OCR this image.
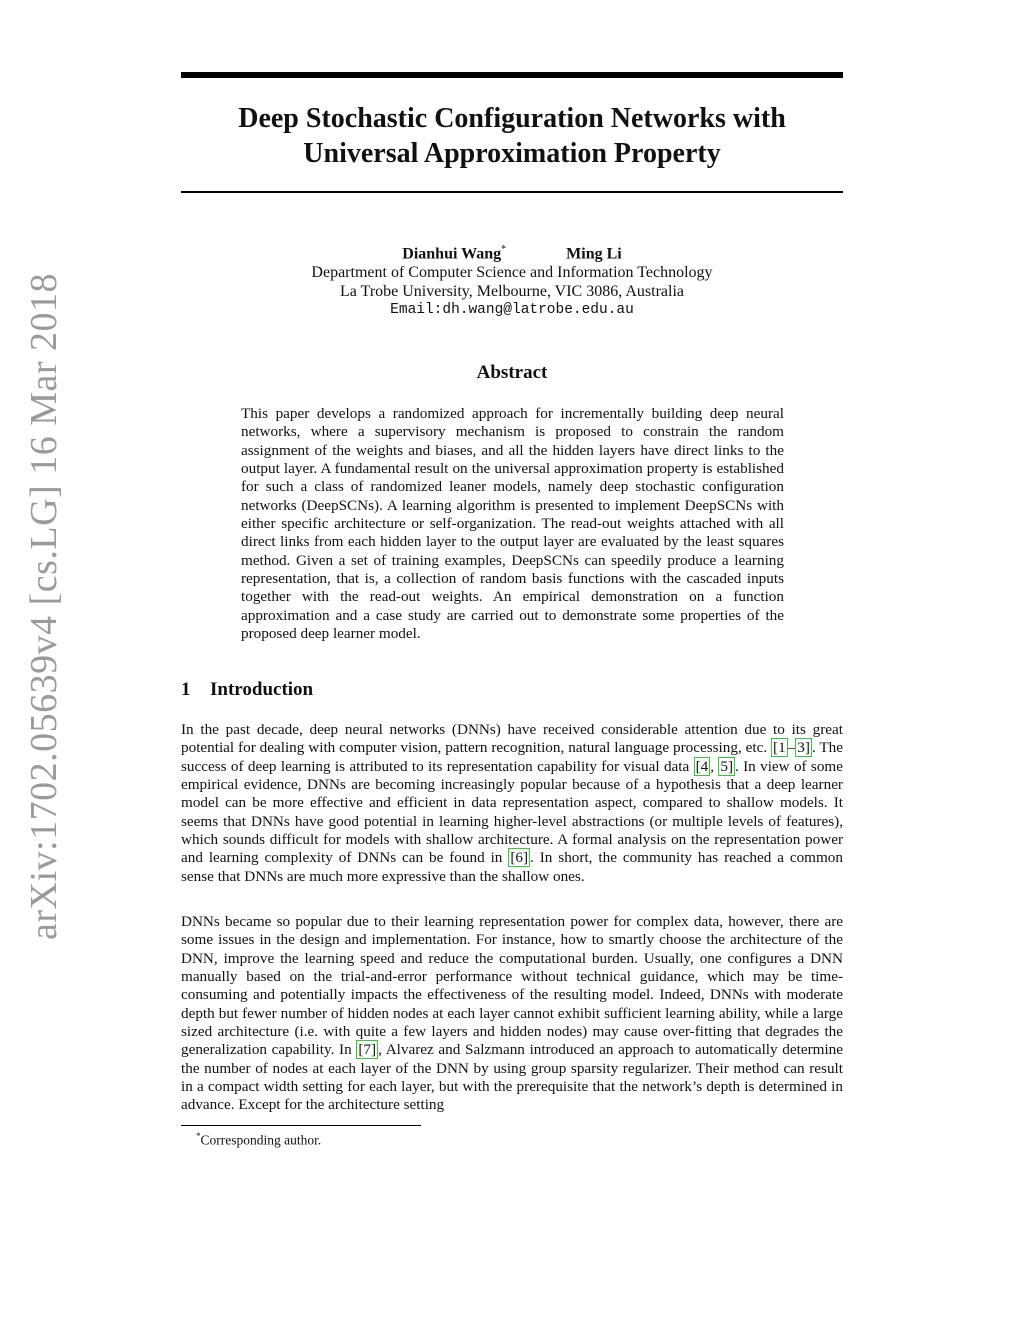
arXiv:1702.05639v4 [cs.LG] 16 Mar 2018
Deep Stochastic Configuration Networks with
Universal Approximation Property
Dianhui Wang*	Ming Li
Department of Computer Science and Information Technology
La Trobe University, Melbourne, VIC 3086, Australia
Email:dh.wang@latrobe.edu.au
Abstract

This paper develops a randomized approach for incrementally building deep neural networks, where a supervisory mechanism is proposed to constrain the random assignment of the weights and biases, and all the hidden layers have direct links to the output layer. A fundamental result on the universal approximation property is established for such a class of randomized leaner models, namely deep stochastic configuration networks (DeepSCNs). A learning algorithm is presented to implement DeepSCNs with either specific architecture or self-organization. The read-out weights attached with all direct links from each hidden layer to the output layer are evaluated by the least squares method. Given a set of training examples, DeepSCNs can speedily produce a learning representation, that is, a collection of random basis functions with the cascaded inputs together with the read-out weights. An empirical demonstration on a function approximation and a case study are carried out to demonstrate some properties of the proposed deep learner model.

1 Introduction

In the past decade, deep neural networks (DNNs) have received considerable attention due to its great potential for dealing with computer vision, pattern recognition, natural language processing, etc. [1 – 3] . The success of deep learning is attributed to its representation capability for visual data [4 , 5] . In view of some empirical evidence, DNNs are becoming increasingly popular because of a hypothesis that a deep learner model can be more effective and efficient in data representation aspect, compared to shallow models. It seems that DNNs have good potential in learning higher-level abstractions (or multiple levels of features), which sounds difficult for models with shallow architecture. A formal analysis on the representation power and learning complexity of DNNs can be found in [6] . In short, the community has reached a common sense that DNNs are much more expressive than the shallow ones.

DNNs became so popular due to their learning representation power for complex data, however, there are some issues in the design and implementation. For instance, how to smartly choose the architecture of the DNN, improve the learning speed and reduce the computational burden. Usually, one configures a DNN manually based on the trial-and-error performance without technical guidance, which may be time-consuming and potentially impacts the effectiveness of the resulting model. Indeed, DNNs with moderate depth but fewer number of hidden nodes at each layer cannot exhibit sufficient learning ability, while a large sized architecture (i.e. with quite a few layers and hidden nodes) may cause over-fitting that degrades the generalization capability. In [7] , Alvarez and Salzmann introduced an approach to automatically determine the number of nodes at each layer of the DNN by using group sparsity regularizer. Their method can result in a compact width setting for each layer, but with the prerequisite that the network’s depth is determined in advance. Except for the architecture setting

*Corresponding author.
